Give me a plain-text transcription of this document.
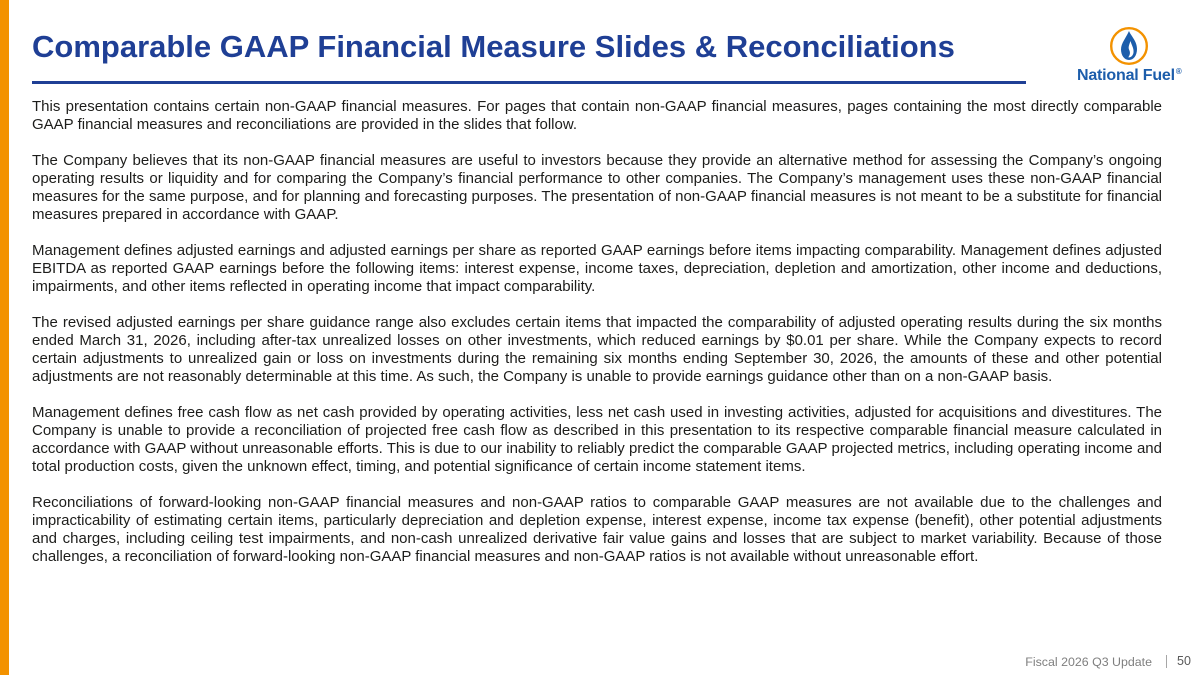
Comparable GAAP Financial Measure Slides & Reconciliations
National Fuel®

This presentation contains certain non-GAAP financial measures. For pages that contain non-GAAP financial measures, pages containing the most directly comparable GAAP financial measures and reconciliations are provided in the slides that follow.

The Company believes that its non-GAAP financial measures are useful to investors because they provide an alternative method for assessing the Company’s ongoing operating results or liquidity and for comparing the Company’s financial performance to other companies. The Company’s management uses these non-GAAP financial measures for the same purpose, and for planning and forecasting purposes. The presentation of non-GAAP financial measures is not meant to be a substitute for financial measures prepared in accordance with GAAP.

Management defines adjusted earnings and adjusted earnings per share as reported GAAP earnings before items impacting comparability. Management defines adjusted EBITDA as reported GAAP earnings before the following items: interest expense, income taxes, depreciation, depletion and amortization, other income and deductions, impairments, and other items reflected in operating income that impact comparability.

The revised adjusted earnings per share guidance range also excludes certain items that impacted the comparability of adjusted operating results during the six months ended March 31, 2026, including after-tax unrealized losses on other investments, which reduced earnings by $0.01 per share. While the Company expects to record certain adjustments to unrealized gain or loss on investments during the remaining six months ending September 30, 2026, the amounts of these and other potential adjustments are not reasonably determinable at this time. As such, the Company is unable to provide earnings guidance other than on a non-GAAP basis.

Management defines free cash flow as net cash provided by operating activities, less net cash used in investing activities, adjusted for acquisitions and divestitures. The Company is unable to provide a reconciliation of projected free cash flow as described in this presentation to its respective comparable financial measure calculated in accordance with GAAP without unreasonable efforts. This is due to our inability to reliably predict the comparable GAAP projected metrics, including operating income and total production costs, given the unknown effect, timing, and potential significance of certain income statement items.

Reconciliations of forward-looking non-GAAP financial measures and non-GAAP ratios to comparable GAAP measures are not available due to the challenges and impracticability of estimating certain items, particularly depreciation and depletion expense, interest expense, income tax expense (benefit), other potential adjustments and charges, including ceiling test impairments, and non-cash unrealized derivative fair value gains and losses that are subject to market variability. Because of those challenges, a reconciliation of forward-looking non-GAAP financial measures and non-GAAP ratios is not available without unreasonable effort.

Fiscal 2026 Q3 Update 50
